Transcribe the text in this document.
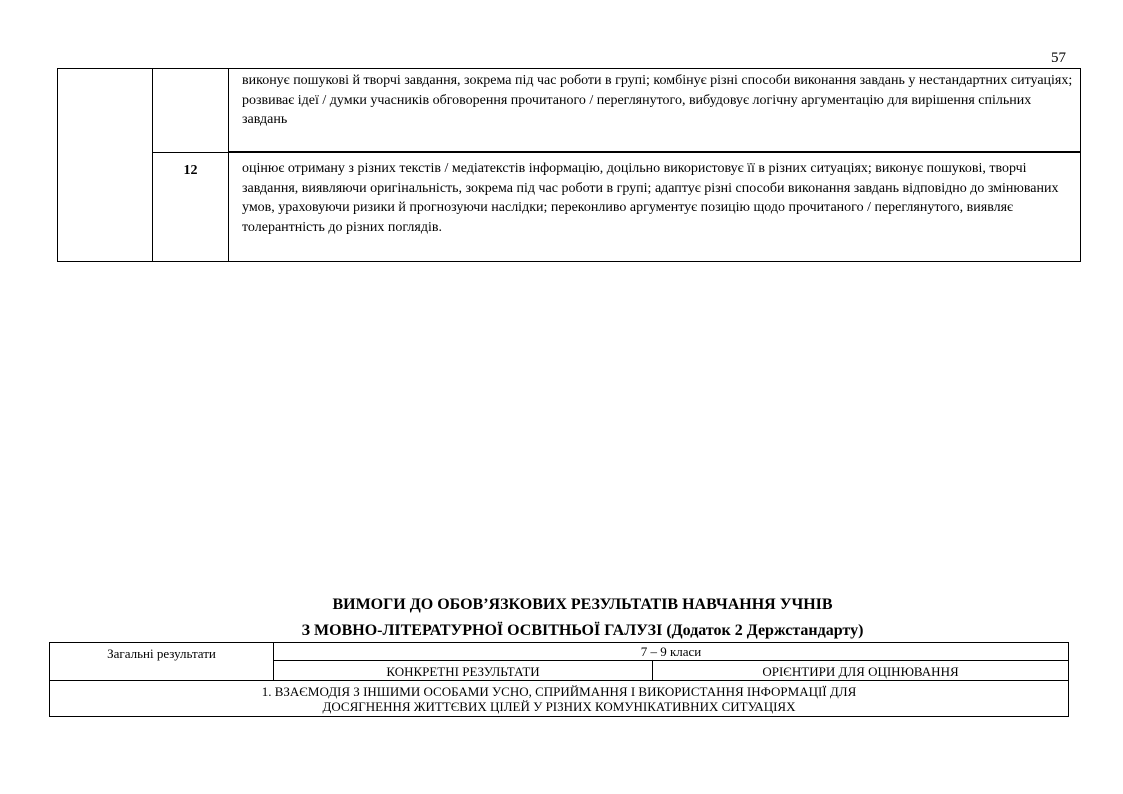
57

		виконує пошукові й творчі завдання, зокрема під час роботи в групі; комбінує різні способи виконання завдань у нестандартних ситуаціях;

розвиває ідеї / думки учасників обговорення прочитаного / переглянутого, вибудовує логічну аргументацію для вирішення спільних завдань

	12	оцінює отриману з різних текстів / медіатекстів інформацію, доцільно використовує її в різних ситуаціях; виконує пошукові, творчі завдання, виявляючи оригінальність, зокрема під час роботи в групі; адаптує різні способи виконання завдань відповідно до змінюваних умов, ураховуючи ризики й прогнозуючи наслідки; переконливо аргументує позицію щодо прочитаного / переглянутого, виявляє толерантність до різних поглядів.

ВИМОГИ ДО ОБОВ’ЯЗКОВИХ РЕЗУЛЬТАТІВ НАВЧАННЯ УЧНІВ
З МОВНО-ЛІТЕРАТУРНОЇ ОСВІТНЬОЇ ГАЛУЗІ (Додаток 2 Держстандарту)
Загальні результати	7 – 9 класи	
	КОНКРЕТНІ РЕЗУЛЬТАТИ	ОРІЄНТИРИ ДЛЯ ОЦІНЮВАННЯ

1. ВЗАЄМОДІЯ З ІНШИМИ ОСОБАМИ УСНО, СПРИЙМАННЯ І ВИКОРИСТАННЯ ІНФОРМАЦІЇ ДЛЯ
ДОСЯГНЕННЯ ЖИТТЄВИХ ЦІЛЕЙ У РІЗНИХ КОМУНІКАТИВНИХ СИТУАЦІЯХ		
